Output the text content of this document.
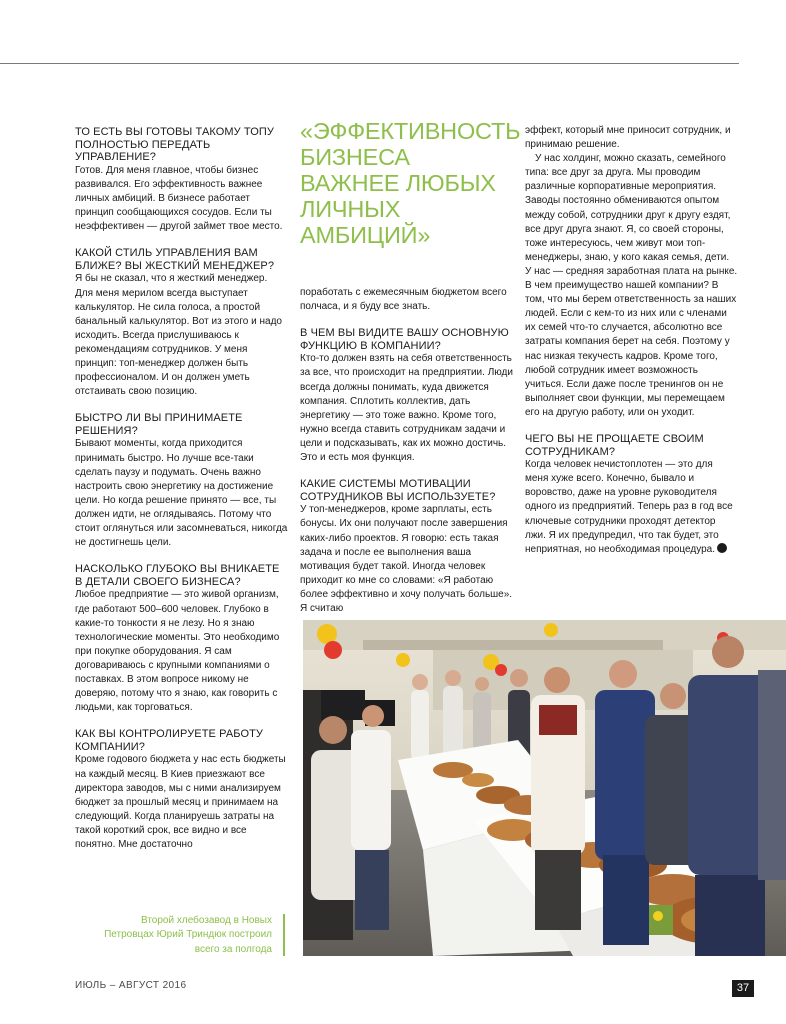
ТО ЕСТЬ ВЫ ГОТОВЫ ТАКОМУ ТОПУ ПОЛНОСТЬЮ ПЕРЕДАТЬ УПРАВЛЕНИЕ?
Готов. Для меня главное, чтобы бизнес развивался. Его эффективность важнее личных амбиций. В бизнесе работает принцип сообщающихся сосудов. Если ты неэффективен — другой займет твое место.
КАКОЙ СТИЛЬ УПРАВЛЕНИЯ ВАМ БЛИЖЕ? ВЫ ЖЕСТКИЙ МЕНЕДЖЕР?
Я бы не сказал, что я жесткий менеджер. Для меня мерилом всегда выступает калькулятор. Не сила голоса, а простой банальный калькулятор. Вот из этого и надо исходить. Всегда прислушиваюсь к рекомендациям сотрудников. У меня принцип: топ-менеджер должен быть профессионалом. И он должен уметь отстаивать свою позицию.
БЫСТРО ЛИ ВЫ ПРИНИМАЕТЕ РЕШЕНИЯ?
Бывают моменты, когда приходится принимать быстро. Но лучше все-таки сделать паузу и подумать. Очень важно настроить свою энергетику на достижение цели. Но когда решение принято — все, ты должен идти, не оглядываясь. Потому что стоит оглянуться или засомневаться, никогда не достигнешь цели.
НАСКОЛЬКО ГЛУБОКО ВЫ ВНИКАЕТЕ В ДЕТАЛИ СВОЕГО БИЗНЕСА?
Любое предприятие — это живой организм, где работают 500–600 человек. Глубоко в какие-то тонкости я не лезу. Но я знаю технологические моменты. Это необходимо при покупке оборудования. Я сам договариваюсь с крупными компаниями о поставках. В этом вопросе никому не доверяю, потому что я знаю, как говорить с людьми, как торговаться.
КАК ВЫ КОНТРОЛИРУЕТЕ РАБОТУ КОМПАНИИ?
Кроме годового бюджета у нас есть бюджеты на каждый месяц. В Киев приезжают все директора заводов, мы с ними анализируем бюджет за прошлый месяц и принимаем на следующий. Когда планируешь затраты на такой короткий срок, все видно и все понятно. Мне достаточно
«ЭФФЕКТИВНОСТЬ БИЗНЕСА ВАЖНЕЕ ЛЮБЫХ ЛИЧНЫХ АМБИЦИЙ»
поработать с ежемесячным бюджетом всего полчаса, и я буду все знать.
В ЧЕМ ВЫ ВИДИТЕ ВАШУ ОСНОВНУЮ ФУНКЦИЮ В КОМПАНИИ?
Кто-то должен взять на себя ответственность за все, что происходит на предприятии. Люди всегда должны понимать, куда движется компания. Сплотить коллектив, дать энергетику — это тоже важно. Кроме того, нужно всегда ставить сотрудникам задачи и цели и подсказывать, как их можно достичь. Это и есть моя функция.
КАКИЕ СИСТЕМЫ МОТИВАЦИИ СОТРУДНИКОВ ВЫ ИСПОЛЬЗУЕТЕ?
У топ-менеджеров, кроме зарплаты, есть бонусы. Их они получают после завершения каких-либо проектов. Я говорю: есть такая задача и после ее выполнения ваша мотивация будет такой. Иногда человек приходит ко мне со словами: «Я работаю более эффективно и хочу получать больше». Я считаю
эффект, который мне приносит сотрудник, и принимаю решение.
У нас холдинг, можно сказать, семейного типа: все друг за друга. Мы проводим различные корпоративные мероприятия. Заводы постоянно обмениваются опытом между собой, сотрудники друг к другу ездят, все друг друга знают. Я, со своей стороны, тоже интересуюсь, чем живут мои топ-менеджеры, знаю, у кого какая семья, дети. У нас — средняя заработная плата на рынке. В чем преимущество нашей компании? В том, что мы берем ответственность за наших людей. Если с кем-то из них или с членами их семей что-то случается, абсолютно все затраты компания берет на себя. Поэтому у нас низкая текучесть кадров. Кроме того, любой сотрудник имеет возможность учиться. Если даже после тренингов он не выполняет свои функции, мы перемещаем его на другую работу, или он уходит.
ЧЕГО ВЫ НЕ ПРОЩАЕТЕ СВОИМ СОТРУДНИКАМ?
Когда человек нечистоплотен — это для меня хуже всего. Конечно, бывало и воровство, даже на уровне руководителя одного из предприятий. Теперь раз в год все ключевые сотрудники проходят детектор лжи. Я их предупредил, что так будет, это неприятная, но необходимая процедура.
Второй хлебозавод в Новых Петровцах Юрий Триндюк построил всего за полгода
ИЮЛЬ – АВГУСТ 2016	37
